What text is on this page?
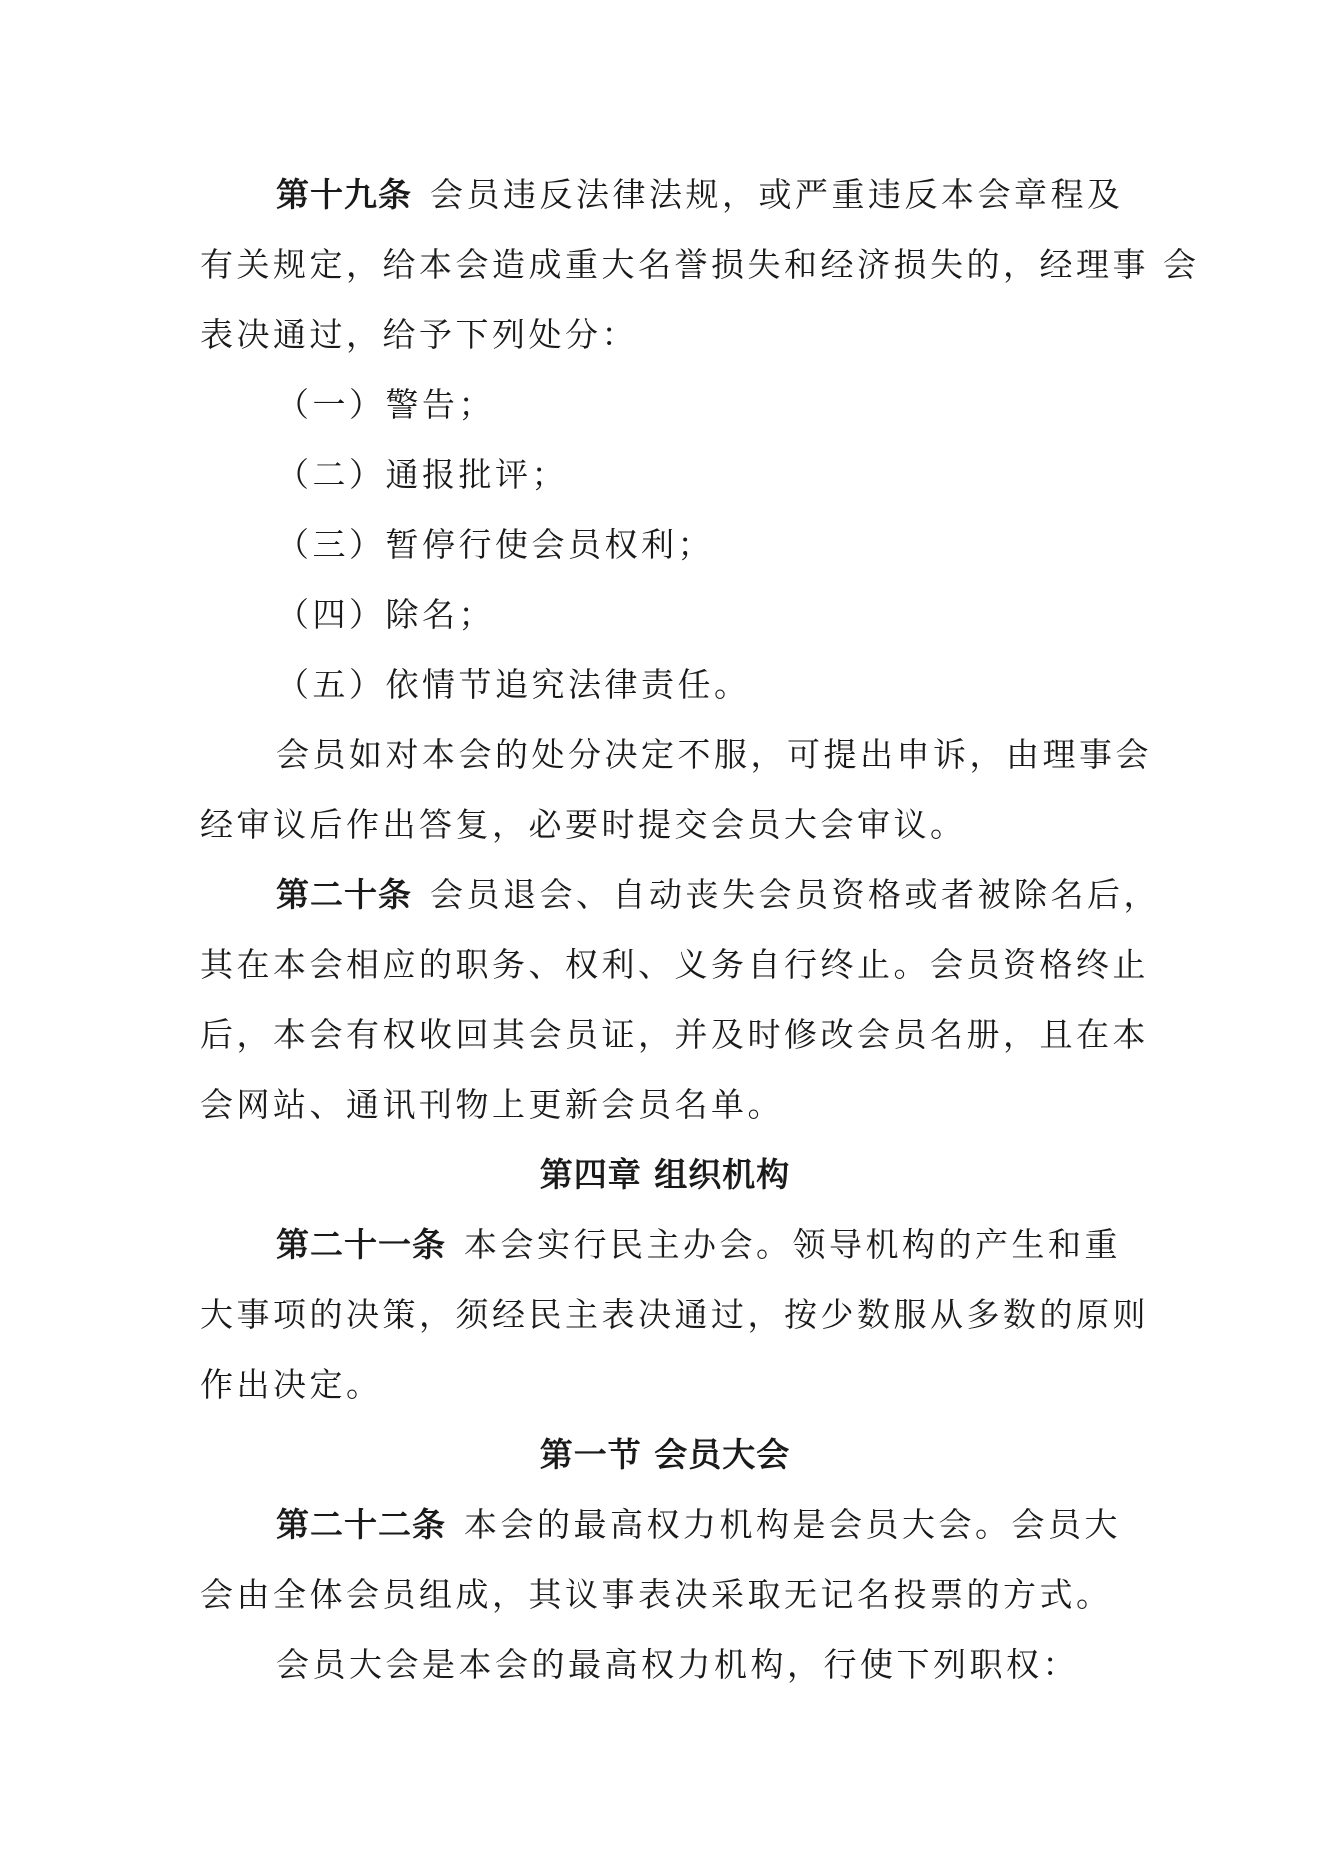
第十九条 会员违反法律法规，或严重违反本会章程及
有关规定，给本会造成重大名誉损失和经济损失的，经理事 会
表决通过，给予下列处分：
（一）警告；
（二）通报批评；
（三）暂停行使会员权利；
（四）除名；
（五）依情节追究法律责任。
会员如对本会的处分决定不服，可提出申诉，由理事会
经审议后作出答复，必要时提交会员大会审议。
第二十条 会员退会、自动丧失会员资格或者被除名后，
其在本会相应的职务、权利、义务自行终止。会员资格终止
后，本会有权收回其会员证，并及时修改会员名册，且在本
会网站、通讯刊物上更新会员名单。
第四章 组织机构
第二十一条 本会实行民主办会。领导机构的产生和重
大事项的决策，须经民主表决通过，按少数服从多数的原则
作出决定。
第一节 会员大会
第二十二条 本会的最高权力机构是会员大会。会员大
会由全体会员组成，其议事表决采取无记名投票的方式。
会员大会是本会的最高权力机构，行使下列职权：
